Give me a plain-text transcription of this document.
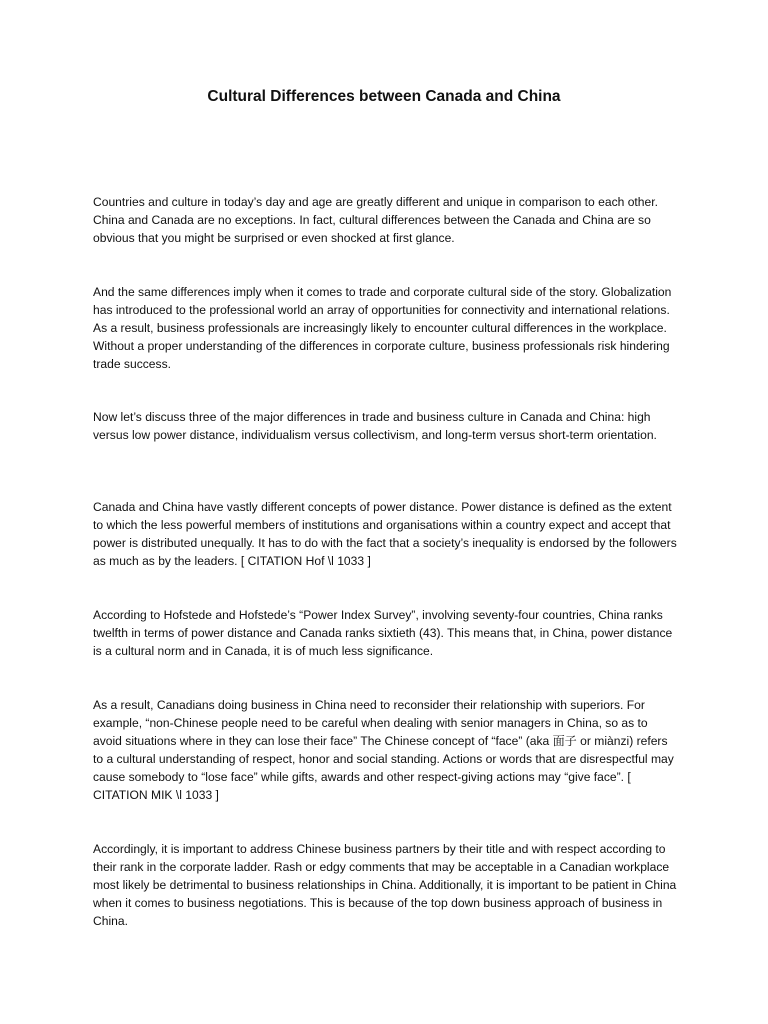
Cultural Differences between Canada and China

Countries and culture in today’s day and age are greatly different and unique in comparison to each other. China and Canada are no exceptions. In fact, cultural differences between the Canada and China are so obvious that you might be surprised or even shocked at first glance.

And the same differences imply when it comes to trade and corporate cultural side of the story. Globalization has introduced to the professional world an array of opportunities for connectivity and international relations. As a result, business professionals are increasingly likely to encounter cultural differences in the workplace. Without a proper understanding of the differences in corporate culture, business professionals risk hindering trade success.

Now let’s discuss three of the major differences in trade and business culture in Canada and China: high versus low power distance, individualism versus collectivism, and long-term versus short-term orientation.

Canada and China have vastly different concepts of power distance. Power distance is defined as the extent to which the less powerful members of institutions and organisations within a country expect and accept that power is distributed unequally. It has to do with the fact that a society’s inequality is endorsed by the followers as much as by the leaders. [ CITATION Hof \l 1033 ]

According to Hofstede and Hofstede’s “Power Index Survey”, involving seventy-four countries, China ranks twelfth in terms of power distance and Canada ranks sixtieth (43). This means that, in China, power distance is a cultural norm and in Canada, it is of much less significance.

As a result, Canadians doing business in China need to reconsider their relationship with superiors. For example, “non-Chinese people need to be careful when dealing with senior managers in China, so as to avoid situations where in they can lose their face” The Chinese concept of “face” (aka 面子 or miànzi) refers to a cultural understanding of respect, honor and social standing. Actions or words that are disrespectful may cause somebody to “lose face” while gifts, awards and other respect-giving actions may “give face”. [ CITATION MIK \l 1033 ]

Accordingly, it is important to address Chinese business partners by their title and with respect according to their rank in the corporate ladder. Rash or edgy comments that may be acceptable in a Canadian workplace most likely be detrimental to business relationships in China. Additionally, it is important to be patient in China when it comes to business negotiations. This is because of the top down business approach of business in China.
